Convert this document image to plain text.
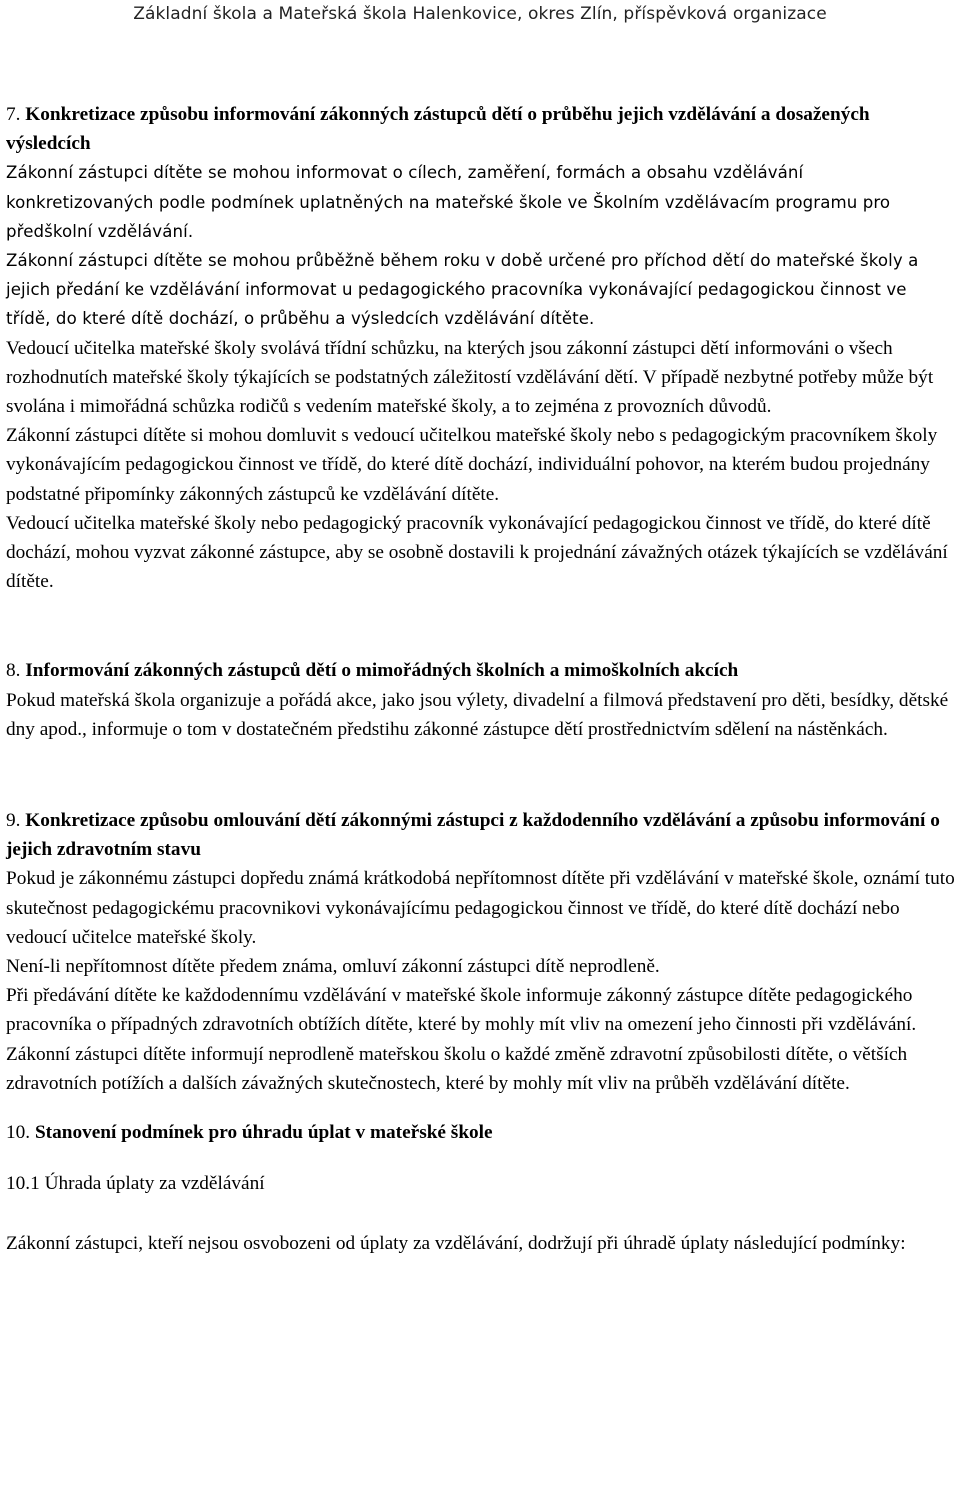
Základní škola a Mateřská škola Halenkovice, okres Zlín, příspěvková organizace

7. Konkretizace způsobu informování zákonných zástupců dětí o průběhu jejich vzdělávání a dosažených výsledcích

Zákonní zástupci dítěte se mohou informovat o cílech, zaměření, formách a obsahu vzdělávání konkretizovaných podle podmínek uplatněných na mateřské škole ve Školním vzdělávacím programu pro předškolní vzdělávání.

Zákonní zástupci dítěte se mohou průběžně během roku v době určené pro příchod dětí do mateřské školy a jejich předání ke vzdělávání informovat u pedagogického pracovníka vykonávající pedagogickou činnost ve třídě, do které dítě dochází, o průběhu a výsledcích vzdělávání dítěte.

Vedoucí učitelka mateřské školy svolává třídní schůzku, na kterých jsou zákonní zástupci dětí informováni o všech rozhodnutích mateřské školy týkajících se podstatných záležitostí vzdělávání dětí. V případě nezbytné potřeby může být svolána i mimořádná schůzka rodičů s vedením mateřské školy, a to zejména z provozních důvodů.

Zákonní zástupci dítěte si mohou domluvit s vedoucí učitelkou mateřské školy nebo s pedagogickým pracovníkem školy vykonávajícím pedagogickou činnost ve třídě, do které dítě dochází, individuální pohovor, na kterém budou projednány podstatné připomínky zákonných zástupců ke vzdělávání dítěte.

Vedoucí učitelka mateřské školy nebo pedagogický pracovník vykonávající pedagogickou činnost ve třídě, do které dítě dochází, mohou vyzvat zákonné zástupce, aby se osobně dostavili k projednání závažných otázek týkajících se vzdělávání dítěte.

8. Informování zákonných zástupců dětí o mimořádných školních a mimoškolních akcích

Pokud mateřská škola organizuje a pořádá akce, jako jsou výlety, divadelní a filmová představení pro děti, besídky, dětské dny apod., informuje o tom v dostatečném předstihu zákonné zástupce dětí prostřednictvím sdělení na nástěnkách.

9. Konkretizace způsobu omlouvání dětí zákonnými zástupci z každodenního vzdělávání a způsobu informování o jejich zdravotním stavu

Pokud je zákonnému zástupci dopředu známá krátkodobá nepřítomnost dítěte při vzdělávání v mateřské škole, oznámí tuto skutečnost pedagogickému pracovnikovi vykonávajícímu pedagogickou činnost ve třídě, do které dítě dochází nebo vedoucí učitelce mateřské školy.

Není-li nepřítomnost dítěte předem známa, omluví zákonní zástupci dítě neprodleně.

Při předávání dítěte ke každodennímu vzdělávání v mateřské škole informuje zákonný zástupce dítěte pedagogického pracovníka o případných zdravotních obtížích dítěte, které by mohly mít vliv na omezení jeho činnosti při vzdělávání.

Zákonní zástupci dítěte informují neprodleně mateřskou školu o každé změně zdravotní způsobilosti dítěte, o větších zdravotních potížích a dalších závažných skutečnostech, které by mohly mít vliv na průběh vzdělávání dítěte.

10. Stanovení podmínek pro úhradu úplat v mateřské škole

10.1 Úhrada úplaty za vzdělávání

Zákonní zástupci, kteří nejsou osvobozeni od úplaty za vzdělávání, dodržují při úhradě úplaty následující podmínky:
